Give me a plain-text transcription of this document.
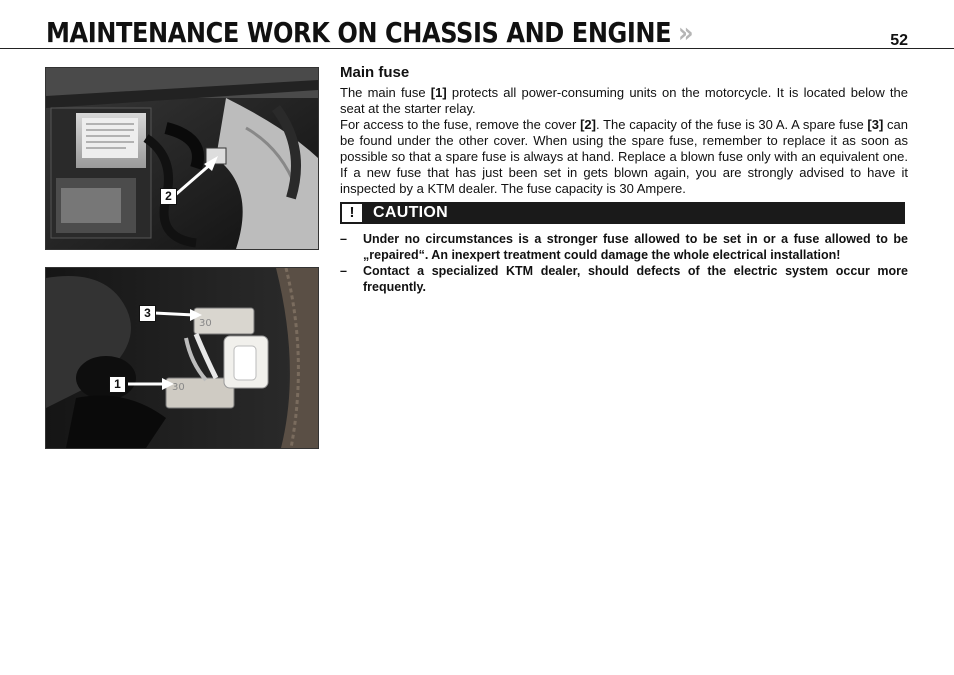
MAINTENANCE WORK ON CHASSIS AND ENGINE »	52
2
30
30
3
1
Main fuse

The main fuse [1] protects all power-consuming units on the motorcycle. It is located below the seat at the starter relay.

For access to the fuse, remove the cover [2]. The capacity of the fuse is 30 A. A spare fuse [3] can be found under the other cover. When using the spare fuse, remember to replace it as soon as possible so that a spare fuse is always at hand. Replace a blown fuse only with an equivalent one. If a new fuse that has just been set in gets blown again, you are strongly advised to have it inspected by a KTM dealer. The fuse capacity is 30 Ampere.

!	CAUTION
– Under no circumstances is a stronger fuse allowed to be set in or a fuse allowed to be „repaired“. An inexpert treatment could damage the whole electrical installation!
– Contact a specialized KTM dealer, should defects of the electric system occur more frequently.
